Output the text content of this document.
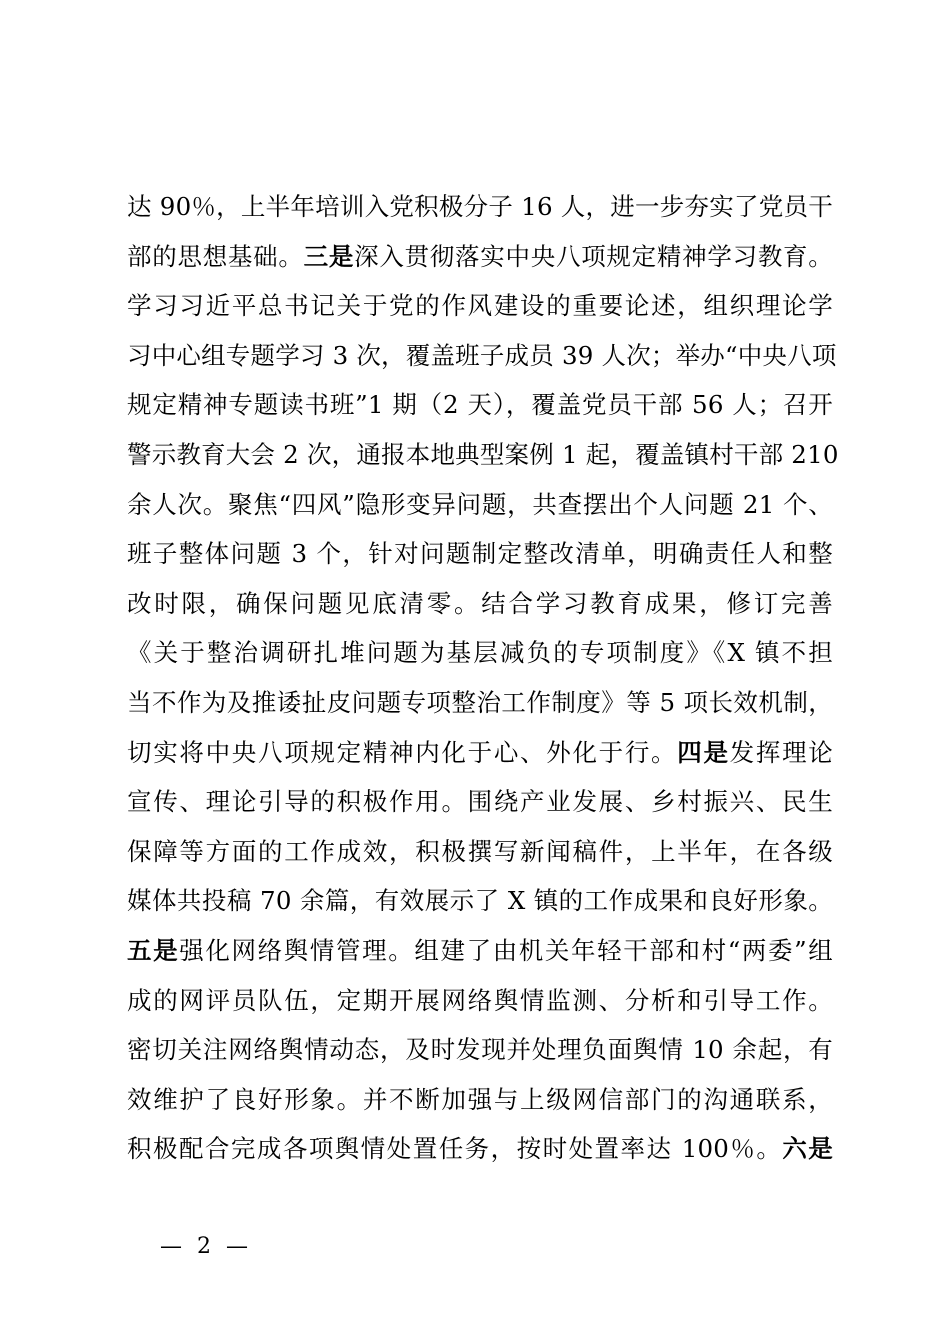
达 90％，上半年培训入党积极分子 16 人，进一步夯实了党员干
部的思想基础。三是深入贯彻落实中央八项规定精神学习教育。
学习习近平总书记关于党的作风建设的重要论述，组织理论学
习中心组专题学习 3 次，覆盖班子成员 39 人次；举办“中央八项
规定精神专题读书班”1 期（2 天），覆盖党员干部 56 人；召开
警示教育大会 2 次，通报本地典型案例 1 起，覆盖镇村干部 210
余人次。聚焦“四风”隐形变异问题，共查摆出个人问题 21 个、
班子整体问题 3 个，针对问题制定整改清单，明确责任人和整
改时限，确保问题见底清零。结合学习教育成果，修订完善
《关于整治调研扎堆问题为基层减负的专项制度》《X 镇不担
当不作为及推诿扯皮问题专项整治工作制度》等 5 项长效机制，
切实将中央八项规定精神内化于心、外化于行。四是发挥理论
宣传、理论引导的积极作用。围绕产业发展、乡村振兴、民生
保障等方面的工作成效，积极撰写新闻稿件，上半年，在各级
媒体共投稿 70 余篇，有效展示了 X 镇的工作成果和良好形象。
五是强化网络舆情管理。组建了由机关年轻干部和村“两委”组
成的网评员队伍，定期开展网络舆情监测、分析和引导工作。
密切关注网络舆情动态，及时发现并处理负面舆情 10 余起，有
效维护了良好形象。并不断加强与上级网信部门的沟通联系，
积极配合完成各项舆情处置任务，按时处置率达 100％。六是
— 2 —
